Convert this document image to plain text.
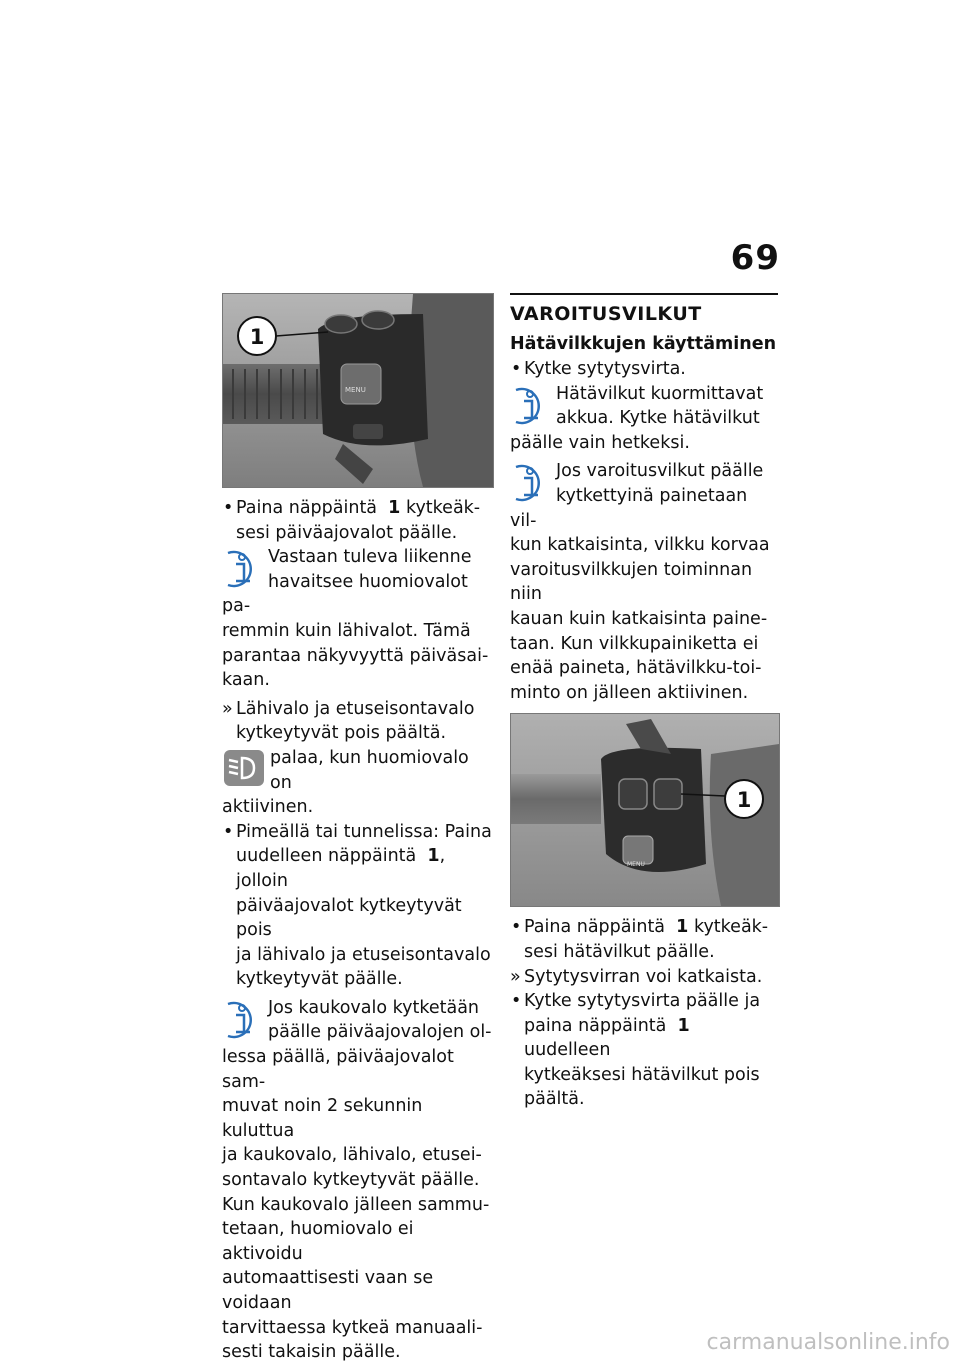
69
MENU
1
• Paina näppäintä 1 kytkeäk-
sesi päiväajovalot päälle.
Vastaan tuleva liikenne
havaitsee huomiovalot pa-
remmin kuin lähivalot. Tämä
parantaa näkyvyyttä päiväsai-
kaan.
» Lähivalo ja etuseisontavalo
kytkeytyvät pois päältä.
palaa, kun huomiovalo on
aktiivinen.
• Pimeällä tai tunnelissa: Paina
uudelleen näppäintä 1, jolloin
päiväajovalot kytkeytyvät pois
ja lähivalo ja etuseisontavalo
kytkeytyvät päälle.
Jos kaukovalo kytketään
päälle päiväajovalojen ol-
lessa päällä, päiväajovalot sam-
muvat noin 2 sekunnin kuluttua
ja kaukovalo, lähivalo, etusei-
sontavalo kytkeytyvät päälle.
Kun kaukovalo jälleen sammu-
tetaan, huomiovalo ei aktivoidu
automaattisesti vaan se voidaan
tarvittaessa kytkeä manuaali-
sesti takaisin päälle.
VAROITUSVILKUT
Hätävilkkujen käyttäminen
• Kytke sytytysvirta.
Hätävilkut kuormittavat
akkua. Kytke hätävilkut
päälle vain hetkeksi.
Jos varoitusvilkut päälle
kytkettyinä painetaan vil-
kun katkaisinta, vilkku korvaa
varoitusvilkkujen toiminnan niin
kauan kuin katkaisinta paine-
taan. Kun vilkkupainiketta ei
enää paineta, hätävilkku-toi-
minto on jälleen aktiivinen.
MENU
1
• Paina näppäintä 1 kytkeäk-
sesi hätävilkut päälle.
» Sytytysvirran voi katkaista.
• Kytke sytytysvirta päälle ja
paina näppäintä 1 uudelleen
kytkeäksesi hätävilkut pois
päältä.
carmanualsonline.info
